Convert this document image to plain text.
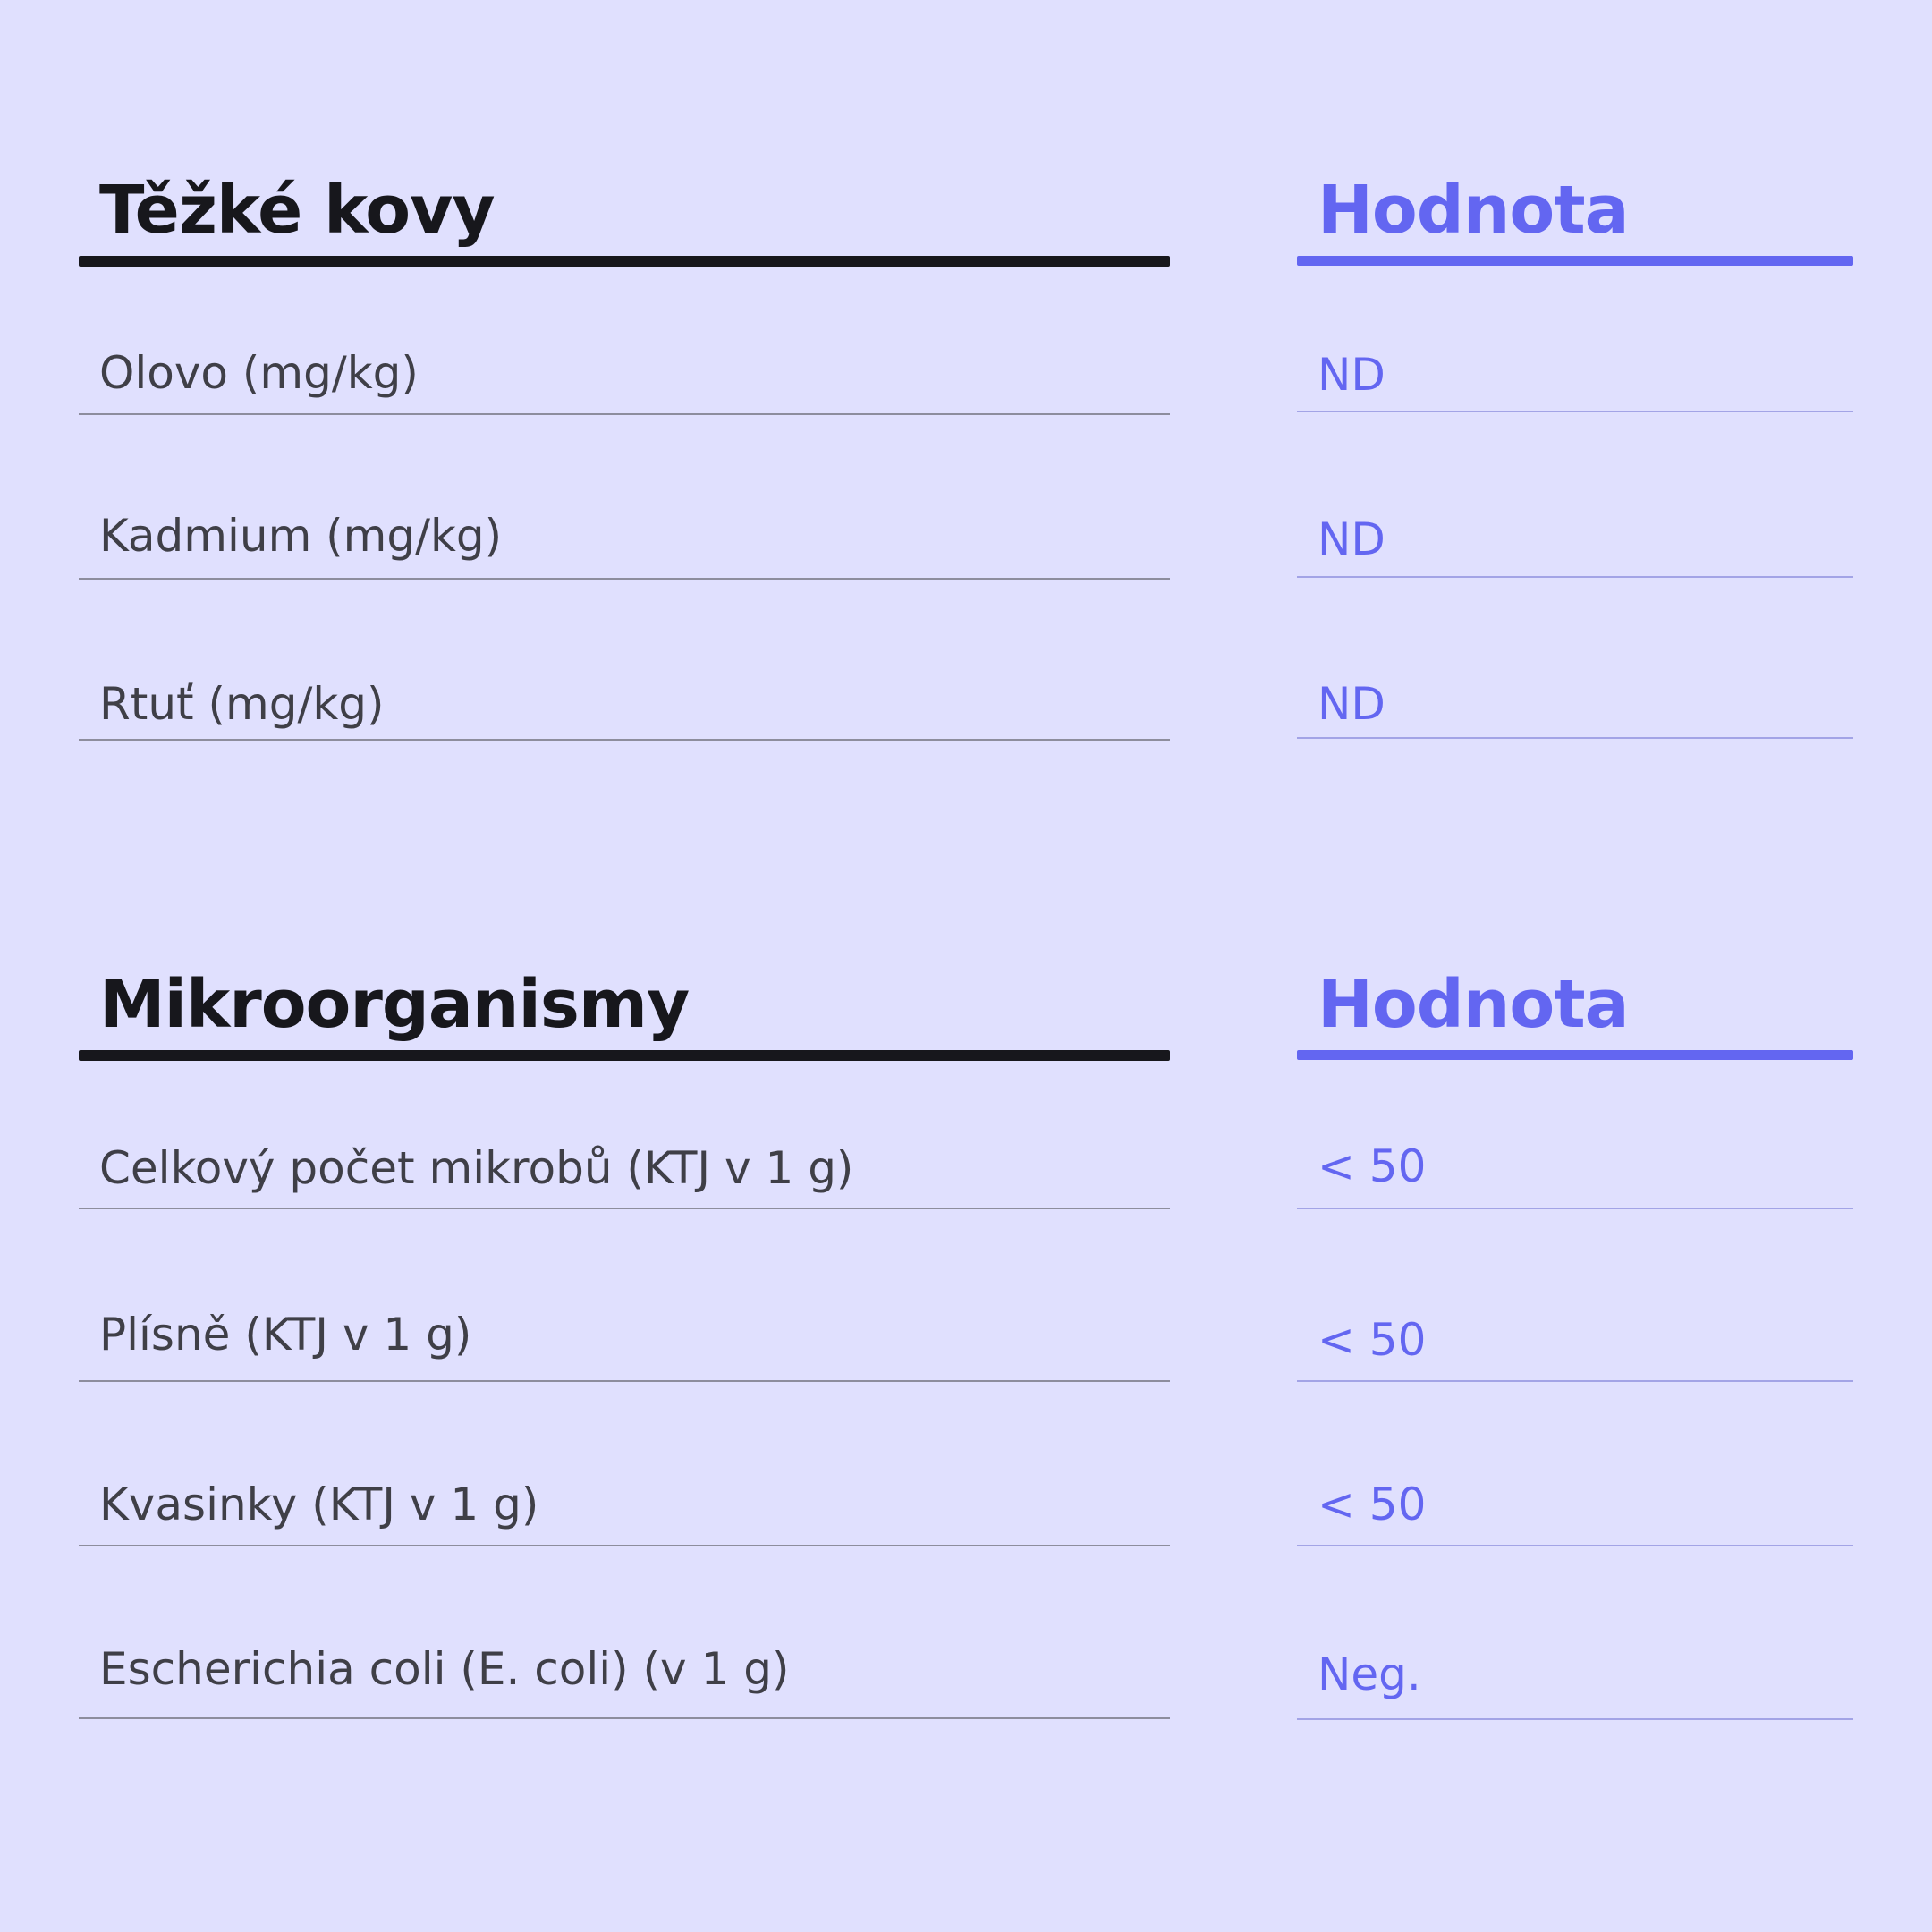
Těžké kovy	Hodnota
Olovo (mg/kg)	ND
Kadmium (mg/kg)	ND
Rtuť (mg/kg)	ND
Mikroorganismy	Hodnota
Celkový počet mikrobů (KTJ v 1 g)	< 50
Plísně (KTJ v 1 g)	< 50
Kvasinky (KTJ v 1 g)	< 50
Escherichia coli (E. coli) (v 1 g)	Neg.
